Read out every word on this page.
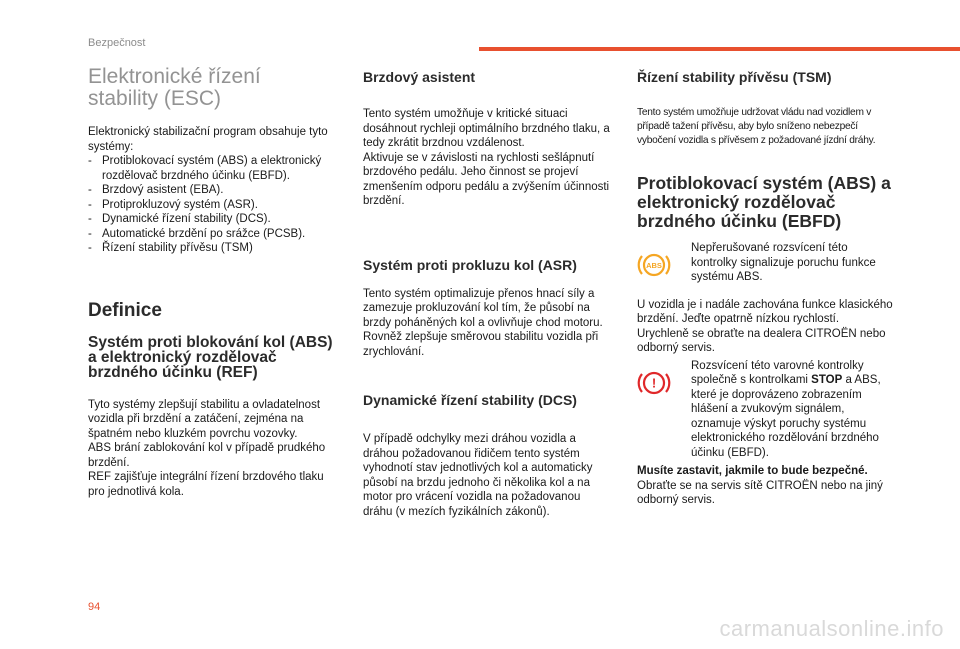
Bezpečnost
Elektronické řízení
stability (ESC)

Elektronický stabilizační program obsahuje tyto systémy:

- Protiblokovací systém (ABS) a elektronický rozdělovač brzdného účinku (EBFD).
- Brzdový asistent (EBA).
- Protiprokluzový systém (ASR).
- Dynamické řízení stability (DCS).
- Automatické brzdění po srážce (PCSB).
- Řízení stability přívěsu (TSM)
Definice
Systém proti blokování kol (ABS) a elektronický rozdělovač brzdného účinku (REF)

Tyto systémy zlepšují stabilitu a ovladatelnost vozidla při brzdění a zatáčení, zejména na špatném nebo kluzkém povrchu vozovky.

ABS brání zablokování kol v případě prudkého brzdění.

REF zajišťuje integrální řízení brzdového tlaku pro jednotlivá kola.

Brzdový asistent

Tento systém umožňuje v kritické situaci dosáhnout rychleji optimálního brzdného tlaku, a tedy zkrátit brzdnou vzdálenost.

Aktivuje se v závislosti na rychlosti sešlápnutí brzdového pedálu. Jeho činnost se projeví zmenšením odporu pedálu a zvýšením účinnosti brzdění.

Systém proti prokluzu kol (ASR)

Tento systém optimalizuje přenos hnací síly a zamezuje prokluzování kol tím, že působí na brzdy poháněných kol a ovlivňuje chod motoru. Rovněž zlepšuje směrovou stabilitu vozidla při zrychlování.

Dynamické řízení stability (DCS)

V případě odchylky mezi dráhou vozidla a dráhou požadovanou řidičem tento systém vyhodnotí stav jednotlivých kol a automaticky působí na brzdu jednoho či několika kol a na motor pro vrácení vozidla na požadovanou dráhu (v mezích fyzikálních zákonů).

Řízení stability přívěsu (TSM)
Tento systém umožňuje udržovat vládu nad vozidlem v případě tažení přívěsu, aby bylo sníženo nebezpečí vybočení vozidla s přívěsem z požadované jízdní dráhy.
Protiblokovací systém (ABS) a elektronický rozdělovač brzdného účinku (EBFD)
ABS
Nepřerušované rozsvícení této kontrolky signalizuje poruchu funkce systému ABS.

U vozidla je i nadále zachována funkce klasického brzdění. Jeďte opatrně nízkou rychlostí.

Urychleně se obraťte na dealera CITROËN nebo odborný servis.

!
Rozsvícení této varovné kontrolky společně s kontrolkami STOP a ABS, které je doprovázeno zobrazením hlášení a zvukovým signálem, oznamuje výskyt poruchy systému elektronického rozdělování brzdného účinku (EBFD).

Musíte zastavit, jakmile to bude bezpečné.

Obraťte se na servis sítě CITROËN nebo na jiný odborný servis.

94
carmanualsonline.info
